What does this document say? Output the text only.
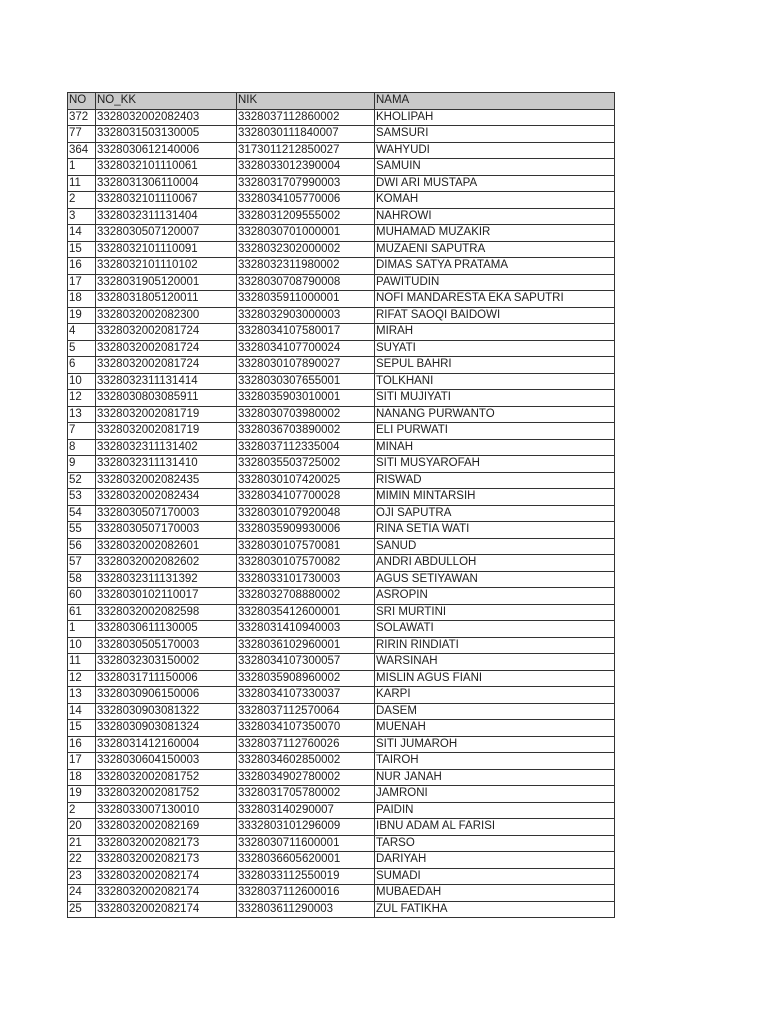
NO	NO_KK	NIK	NAMA
372	3328032002082403	3328037112860002	KHOLIPAH
77	3328031503130005	3328030111840007	SAMSURI
364	3328030612140006	3173011212850027	WAHYUDI
1	3328032101110061	3328033012390004	SAMUIN
11	3328031306110004	3328031707990003	DWI ARI MUSTAPA
2	3328032101110067	3328034105770006	KOMAH
3	3328032311131404	3328031209555002	NAHROWI
14	3328030507120007	3328030701000001	MUHAMAD MUZAKIR
15	3328032101110091	3328032302000002	MUZAENI SAPUTRA
16	3328032101110102	3328032311980002	DIMAS SATYA PRATAMA
17	3328031905120001	3328030708790008	PAWITUDIN
18	3328031805120011	3328035911000001	NOFI MANDARESTA EKA SAPUTRI
19	3328032002082300	3328032903000003	RIFAT SAOQI BAIDOWI
4	3328032002081724	3328034107580017	MIRAH
5	3328032002081724	3328034107700024	SUYATI
6	3328032002081724	3328030107890027	SEPUL BAHRI
10	3328032311131414	3328030307655001	TOLKHANI
12	3328030803085911	3328035903010001	SITI MUJIYATI
13	3328032002081719	3328030703980002	NANANG PURWANTO
7	3328032002081719	3328036703890002	ELI PURWATI
8	3328032311131402	3328037112335004	MINAH
9	3328032311131410	3328035503725002	SITI MUSYAROFAH
52	3328032002082435	3328030107420025	RISWAD
53	3328032002082434	3328034107700028	MIMIN MINTARSIH
54	3328030507170003	3328030107920048	OJI SAPUTRA
55	3328030507170003	3328035909930006	RINA SETIA WATI
56	3328032002082601	3328030107570081	SANUD
57	3328032002082602	3328030107570082	ANDRI ABDULLOH
58	3328032311131392	3328033101730003	AGUS SETIYAWAN
60	3328030102110017	3328032708880002	ASROPIN
61	3328032002082598	3328035412600001	SRI MURTINI
1	3328030611130005	3328031410940003	SOLAWATI
10	3328030505170003	3328036102960001	RIRIN RINDIATI
11	3328032303150002	3328034107300057	WARSINAH
12	3328031711150006	3328035908960002	MISLIN AGUS FIANI
13	3328030906150006	3328034107330037	KARPI
14	3328030903081322	3328037112570064	DASEM
15	3328030903081324	3328034107350070	MUENAH
16	3328031412160004	3328037112760026	SITI JUMAROH
17	3328030604150003	3328034602850002	TAIROH
18	3328032002081752	3328034902780002	NUR JANAH
19	3328032002081752	3328031705780002	JAMRONI
2	3328033007130010	332803140290007	PAIDIN
20	3328032002082169	3332803101296009	IBNU ADAM AL FARISI
21	3328032002082173	3328030711600001	TARSO
22	3328032002082173	3328036605620001	DARIYAH
23	3328032002082174	3328033112550019	SUMADI
24	3328032002082174	3328037112600016	MUBAEDAH
25	3328032002082174	332803611290003	ZUL FATIKHA
